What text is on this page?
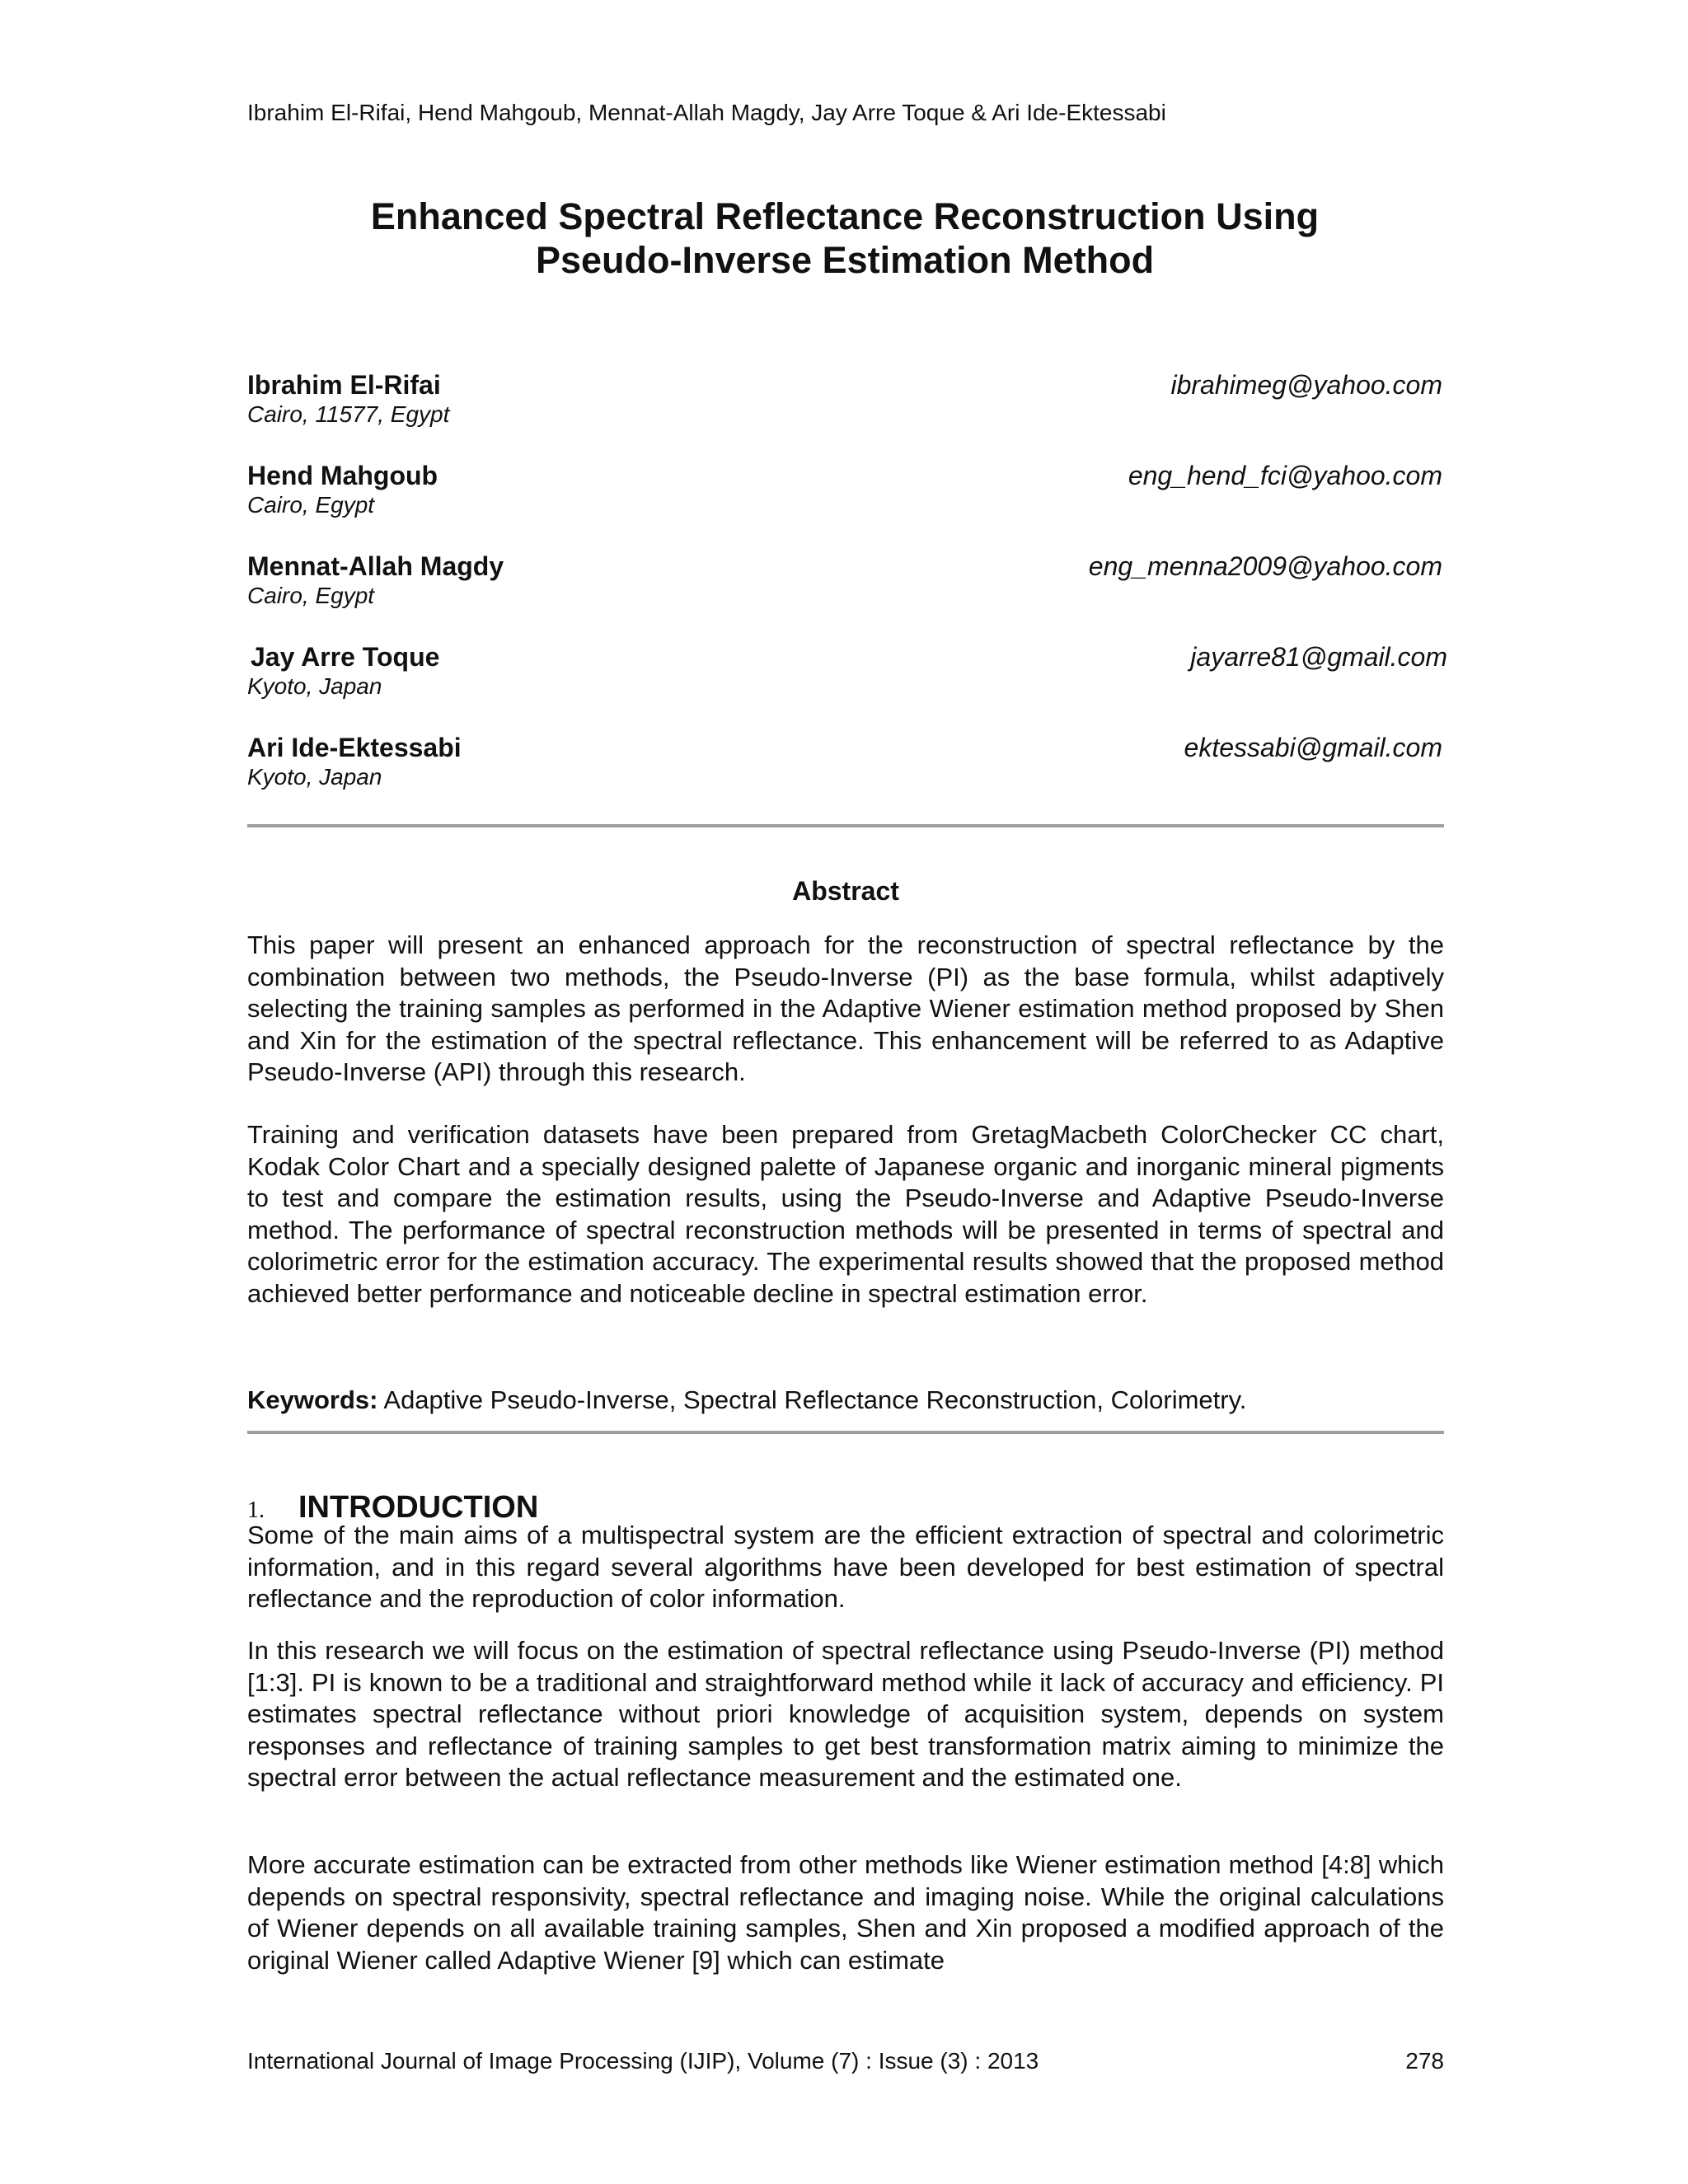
Ibrahim El-Rifai, Hend Mahgoub, Mennat-Allah Magdy, Jay Arre Toque & Ari Ide-Ektessabi
Enhanced Spectral Reflectance Reconstruction Using
Pseudo-Inverse Estimation Method
Ibrahim El-Rifai
Cairo, 11577, Egypt
ibrahimeg@yahoo.com
Hend Mahgoub
Cairo, Egypt
eng_hend_fci@yahoo.com
Mennat-Allah Magdy
Cairo, Egypt
eng_menna2009@yahoo.com
Jay Arre Toque
Kyoto, Japan
jayarre81@gmail.com
Ari Ide-Ektessabi
Kyoto, Japan
ektessabi@gmail.com
Abstract

This paper will present an enhanced approach for the reconstruction of spectral reflectance by the combination between two methods, the Pseudo-Inverse (PI) as the base formula, whilst adaptively selecting the training samples as performed in the Adaptive Wiener estimation method proposed by Shen and Xin for the estimation of the spectral reflectance. This enhancement will be referred to as Adaptive Pseudo-Inverse (API) through this research.

Training and verification datasets have been prepared from GretagMacbeth ColorChecker CC chart, Kodak Color Chart and a specially designed palette of Japanese organic and inorganic mineral pigments to test and compare the estimation results, using the Pseudo-Inverse and Adaptive Pseudo-Inverse method. The performance of spectral reconstruction methods will be presented in terms of spectral and colorimetric error for the estimation accuracy. The experimental results showed that the proposed method achieved better performance and noticeable decline in spectral estimation error.

Keywords: Adaptive Pseudo-Inverse, Spectral Reflectance Reconstruction, Colorimetry.
1. INTRODUCTION

Some of the main aims of a multispectral system are the efficient extraction of spectral and colorimetric information, and in this regard several algorithms have been developed for best estimation of spectral reflectance and the reproduction of color information.

In this research we will focus on the estimation of spectral reflectance using Pseudo-Inverse (PI) method [1:3]. PI is known to be a traditional and straightforward method while it lack of accuracy and efficiency. PI estimates spectral reflectance without priori knowledge of acquisition system, depends on system responses and reflectance of training samples to get best transformation matrix aiming to minimize the spectral error between the actual reflectance measurement and the estimated one.

More accurate estimation can be extracted from other methods like Wiener estimation method [4:8] which depends on spectral responsivity, spectral reflectance and imaging noise. While the original calculations of Wiener depends on all available training samples, Shen and Xin proposed a modified approach of the original Wiener called Adaptive Wiener [9] which can estimate

International Journal of Image Processing (IJIP), Volume (7) : Issue (3) : 2013	278
